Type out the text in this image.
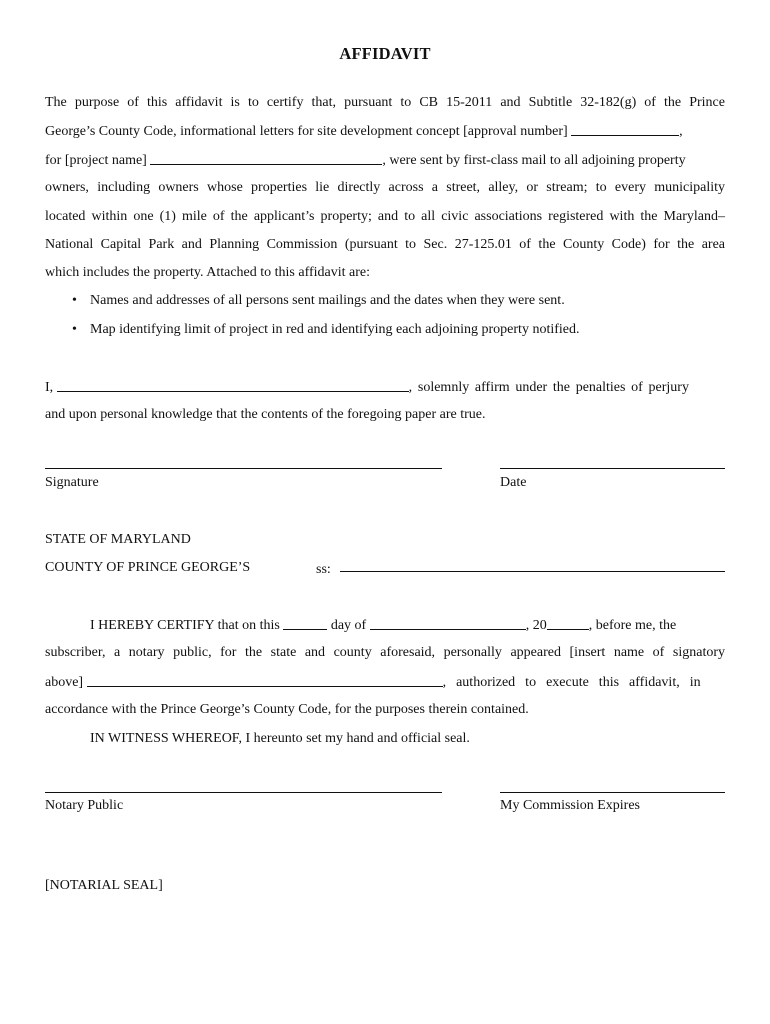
AFFIDAVIT
The purpose of this affidavit is to certify that, pursuant to CB 15-2011 and Subtitle 32-182(g) of the Prince
George’s County Code, informational letters for site development concept [approval number]	,
for [project name]	, were sent by first-class mail to all adjoining property
owners, including owners whose properties lie directly across a street, alley, or stream; to every municipality
located within one (1) mile of the applicant’s property; and to all civic associations registered with the Maryland–
National Capital Park and Planning Commission (pursuant to Sec. 27-125.01 of the County Code) for the area
which includes the property. Attached to this affidavit are:
• Names and addresses of all persons sent mailings and the dates when they were sent.
• Map identifying limit of project in red and identifying each adjoining property notified.
I,	, solemnly affirm under the penalties of perjury
and upon personal knowledge that the contents of the foregoing paper are true.
Signature	Date
STATE OF MARYLAND
COUNTY OF PRINCE GEORGE’S	ss:
I HEREBY CERTIFY that on this	day of	, 20	, before me, the
subscriber, a notary public, for the state and county aforesaid, personally appeared [insert name of signatory
above]	, authorized to execute this affidavit, in
accordance with the Prince George’s County Code, for the purposes therein contained.
IN WITNESS WHEREOF, I hereunto set my hand and official seal.
Notary Public	My Commission Expires
[NOTARIAL SEAL]
